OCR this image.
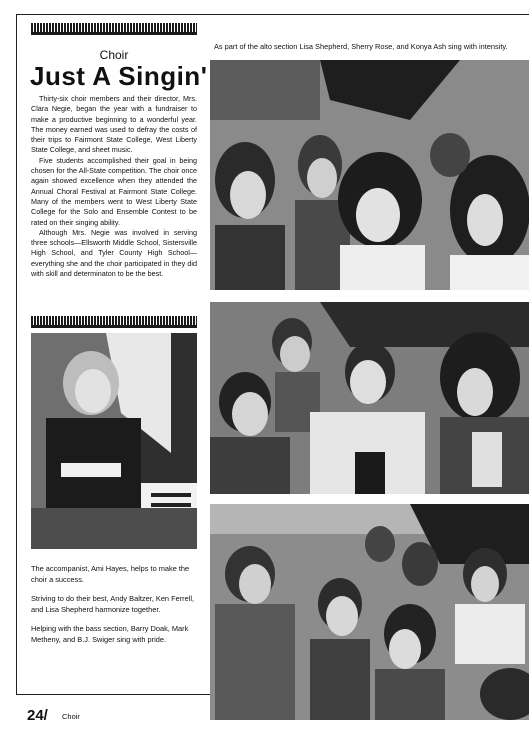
Choir
Just A Singin'

Thirty-six choir members and their director, Mrs. Clara Negie, began the year with a fundraiser to make a productive beginning to a wonderful year. The money earned was used to defray the costs of their trips to Fairmont State College, West Liberty State College, and sheet music.

Five students accomplished their goal in being chosen for the All-State competition. The choir once again showed excellence when they attended the Annual Choral Festival at Fairmont State College. Many of the members went to West Liberty State College for the Solo and Ensemble Contest to be rated on their singing ability.

Although Mrs. Negie was involved in serving three schools—Ellsworth Middle School, Sistersville High School, and Tyler County High School—everything she and the choir participated in they did with skill and determinaton to be the best.

As part of the alto section Lisa Shepherd, Sherry Rose, and Konya Ash sing with intensity.

The accompanist, Ami Hayes, helps to make the choir a success.

Striving to do their best, Andy Baltzer, Ken Ferrell, and Lisa Shepherd harmonize together.

Helping with the bass section, Barry Doak, Mark Metheny, and B.J. Swiger sing with pride.

24/ Choir
